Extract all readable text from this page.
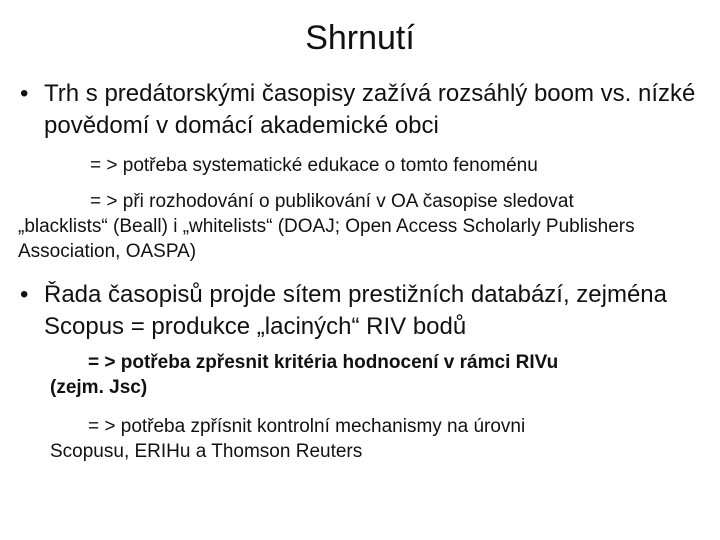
Shrnutí
• Trh s predátorskými časopisy zažívá rozsáhlý boom vs. nízké povědomí v domácí akademické obci
= > potřeba systematické edukace o tomto fenoménu
= > při rozhodování o publikování v OA časopise sledovat
„blacklists“ (Beall) i „whitelists“ (DOAJ; Open Access Scholarly Publishers Association, OASPA)
• Řada časopisů projde sítem prestižních databází, zejména Scopus = produkce „laciných“ RIV bodů
= > potřeba zpřesnit kritéria hodnocení v rámci RIVu
(zejm. Jsc)
= > potřeba zpřísnit kontrolní mechanismy na úrovni
Scopusu, ERIHu a Thomson Reuters
